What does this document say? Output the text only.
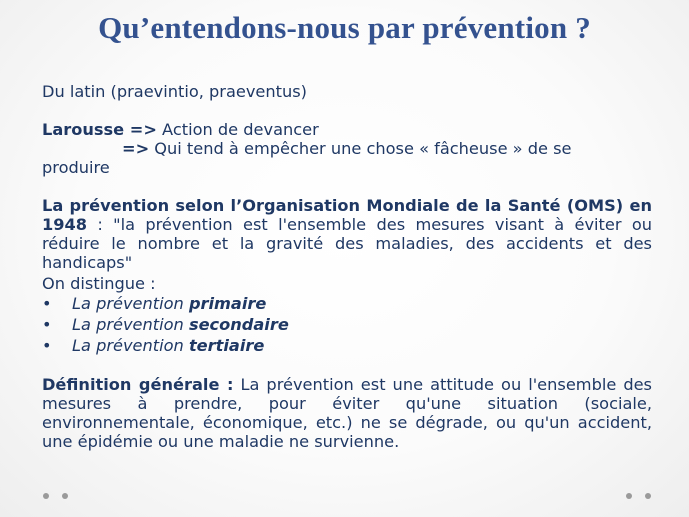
Qu’entendons-nous par prévention ?

Du latin (praevintio, praeventus)

Larousse => Action de devancer

=> Qui tend à empêcher une chose « fâcheuse » de se

produire

La prévention selon l’Organisation Mondiale de la Santé (OMS) en 1948 : "la prévention est l'ensemble des mesures visant à éviter ou réduire le nombre et la gravité des maladies, des accidents et des handicaps"

On distingue :

• La prévention primaire
• La prévention secondaire
• La prévention tertiaire

Définition générale : La prévention est une attitude ou l'ensemble des mesures à prendre, pour éviter qu'une situation (sociale, environnementale, économique, etc.) ne se dégrade, ou qu'un accident, une épidémie ou une maladie ne survienne.
